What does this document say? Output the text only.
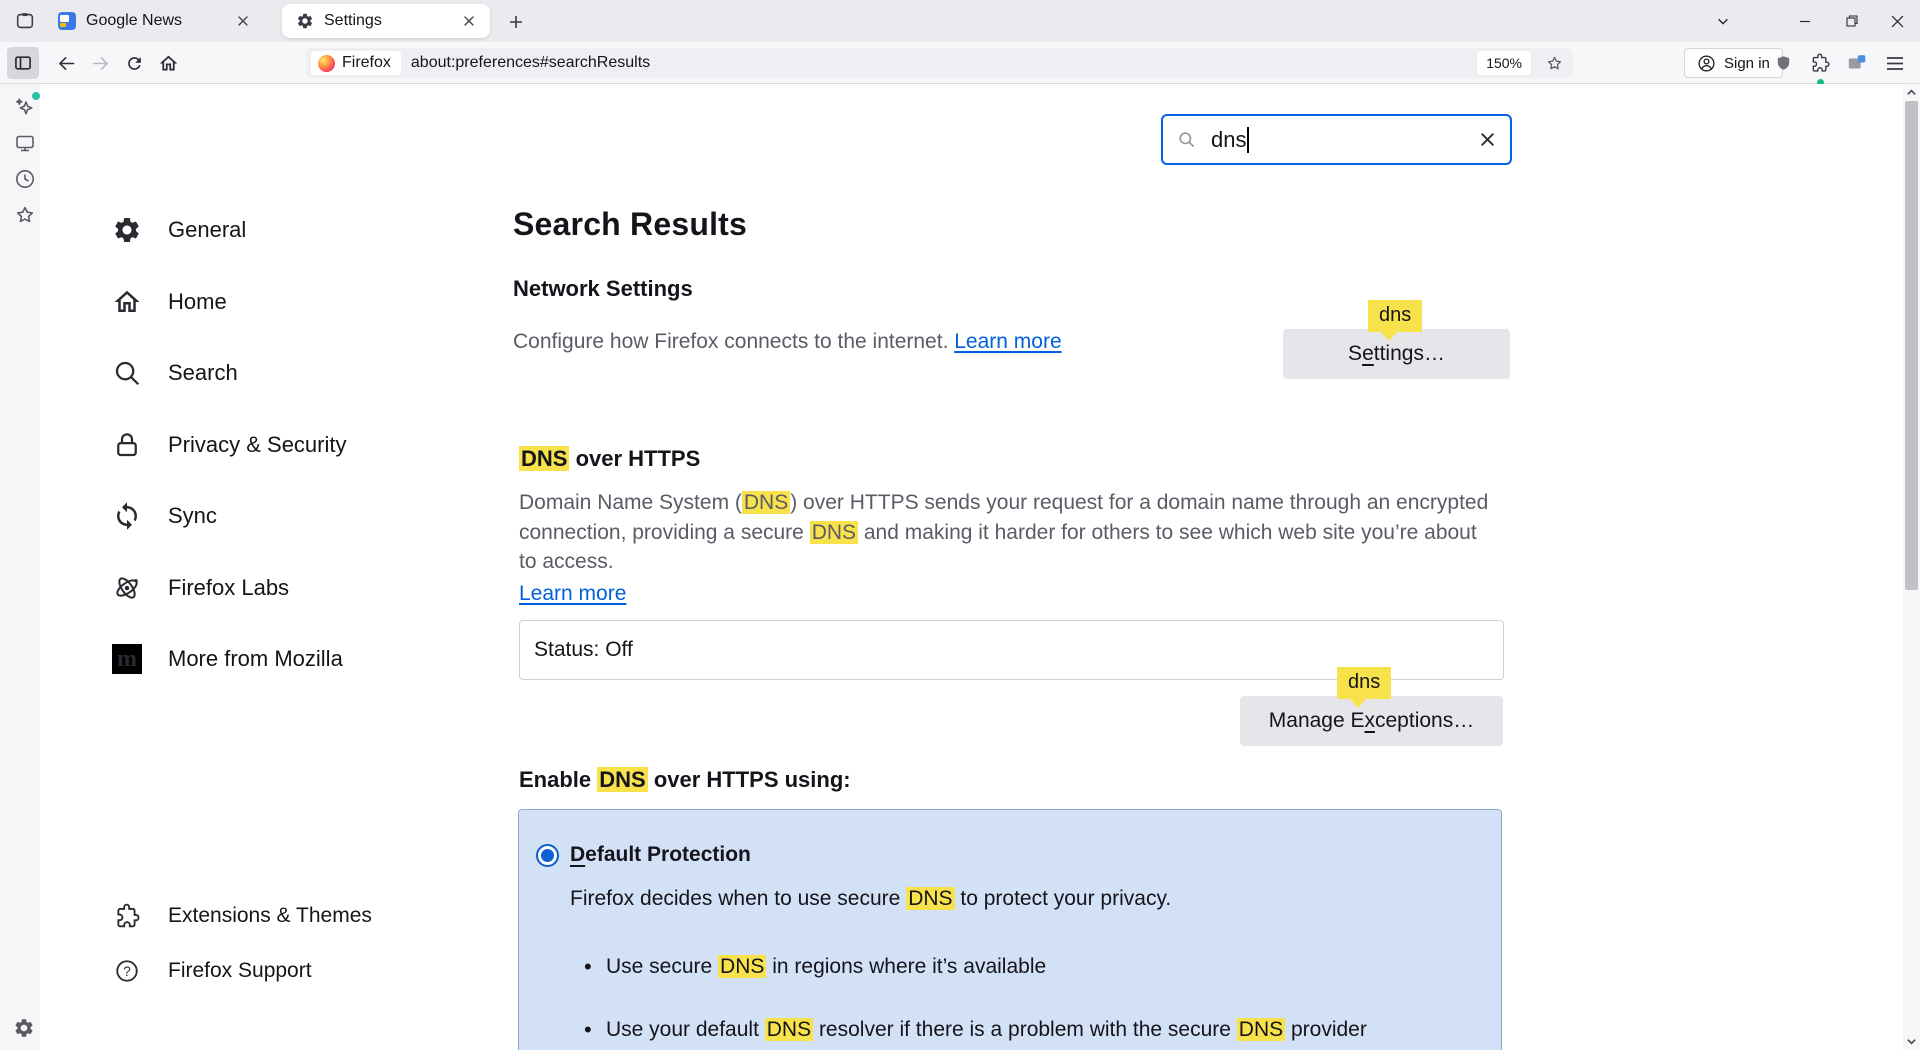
Google News	Settings
Firefox about:preferences#searchResults	150%	Sign in
dns
General
Home
Search
Privacy & Security
Sync
Firefox Labs
m More from Mozilla
Extensions & Themes
? Firefox Support
Search Results
Network Settings

Configure how Firefox connects to the internet. Learn more

dns
S e ttings…
DNS over HTTPS

Domain Name System (DNS) over HTTPS sends your request for a domain name through an encrypted connection, providing a secure DNS and making it harder for others to see which web site you’re about to access.

Learn more
Status: Off
dns
Manage E x ceptions…
Enable DNS over HTTPS using:
Default Protection
Firefox decides when to use secure DNS to protect your privacy.
• Use secure DNS in regions where it’s available
• Use your default DNS resolver if there is a problem with the secure DNS provider
